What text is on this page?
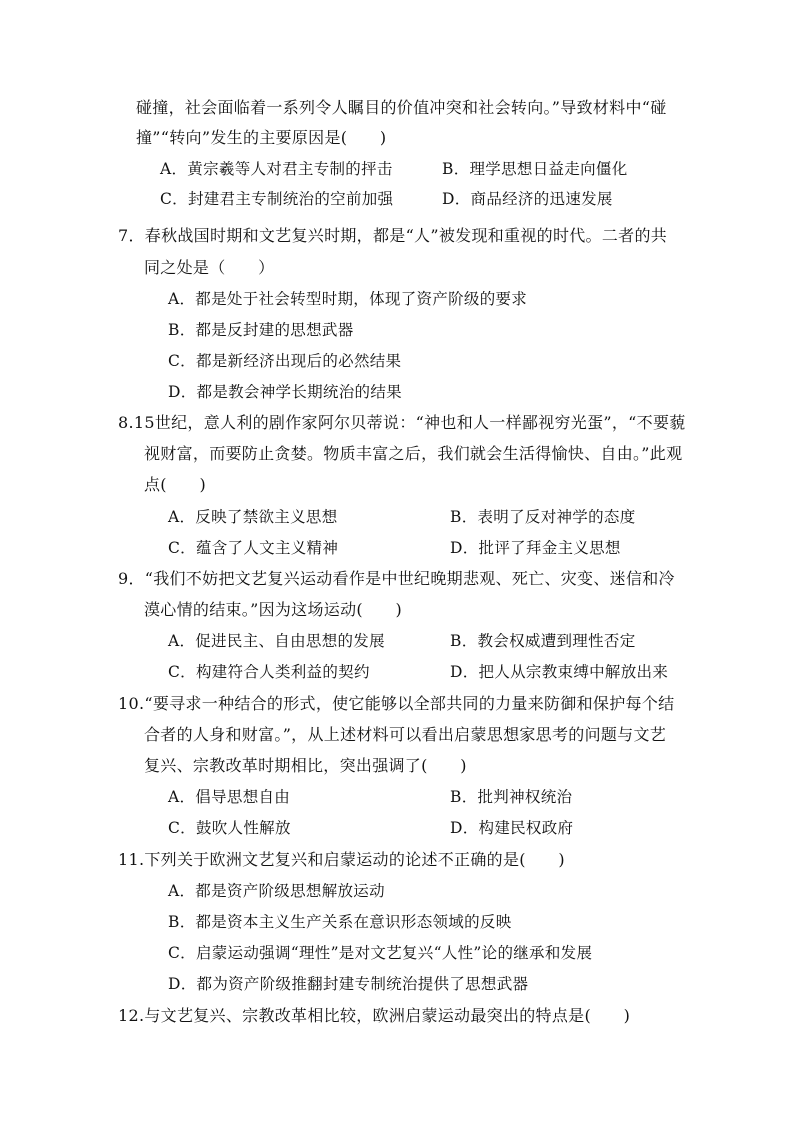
碰撞，社会面临着一系列令人瞩目的价值冲突和社会转向。”导致材料中“碰
撞”“转向”发生的主要原因是(　　)
A．黄宗羲等人对君主专制的抨击	B．理学思想日益走向僵化
C．封建君主专制统治的空前加强	D．商品经济的迅速发展
7．春秋战国时期和文艺复兴时期，都是“人”被发现和重视的时代。二者的共
同之处是（　　）
A．都是处于社会转型时期，体现了资产阶级的要求
B．都是反封建的思想武器
C．都是新经济出现后的必然结果
D．都是教会神学长期统治的结果
8.15世纪，意人利的剧作家阿尔贝蒂说：“神也和人一样鄙视穷光蛋”，“不要藐
视财富，而要防止贪婪。物质丰富之后，我们就会生活得愉快、自由。”此观
点(　　)
A．反映了禁欲主义思想	B．表明了反对神学的态度
C．蕴含了人文主义精神	D．批评了拜金主义思想
9．“我们不妨把文艺复兴运动看作是中世纪晚期悲观、死亡、灾变、迷信和冷
漠心情的结束。”因为这场运动(　　)
A．促进民主、自由思想的发展	B．教会权威遭到理性否定
C．构建符合人类利益的契约	D．把人从宗教束缚中解放出来
10.“要寻求一种结合的形式，使它能够以全部共同的力量来防御和保护每个结
合者的人身和财富。”，从上述材料可以看出启蒙思想家思考的问题与文艺
复兴、宗教改革时期相比，突出强调了(　　)
A．倡导思想自由	B．批判神权统治
C．鼓吹人性解放	D．构建民权政府
11.下列关于欧洲文艺复兴和启蒙运动的论述不正确的是(　　)
A．都是资产阶级思想解放运动
B．都是资本主义生产关系在意识形态领域的反映
C．启蒙运动强调“理性”是对文艺复兴“人性”论的继承和发展
D．都为资产阶级推翻封建专制统治提供了思想武器
12.与文艺复兴、宗教改革相比较，欧洲启蒙运动最突出的特点是(　　)
